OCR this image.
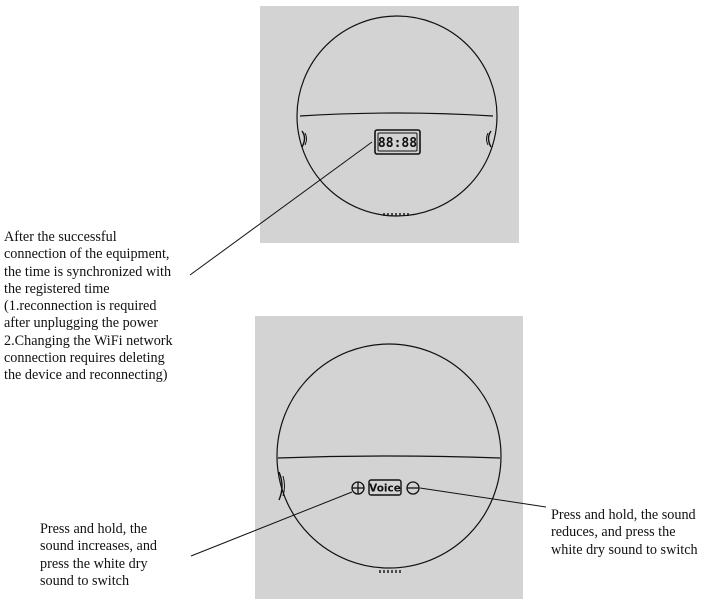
88:88
Voice

After the successful
connection of the equipment,
the time is synchronized with
the registered time
(1.reconnection is required
after unplugging the power
2.Changing the WiFi network
connection requires deleting
the device and reconnecting)

Press and hold, the
sound increases, and
press the white dry
sound to switch

Press and hold, the sound
reduces, and press the
white dry sound to switch
